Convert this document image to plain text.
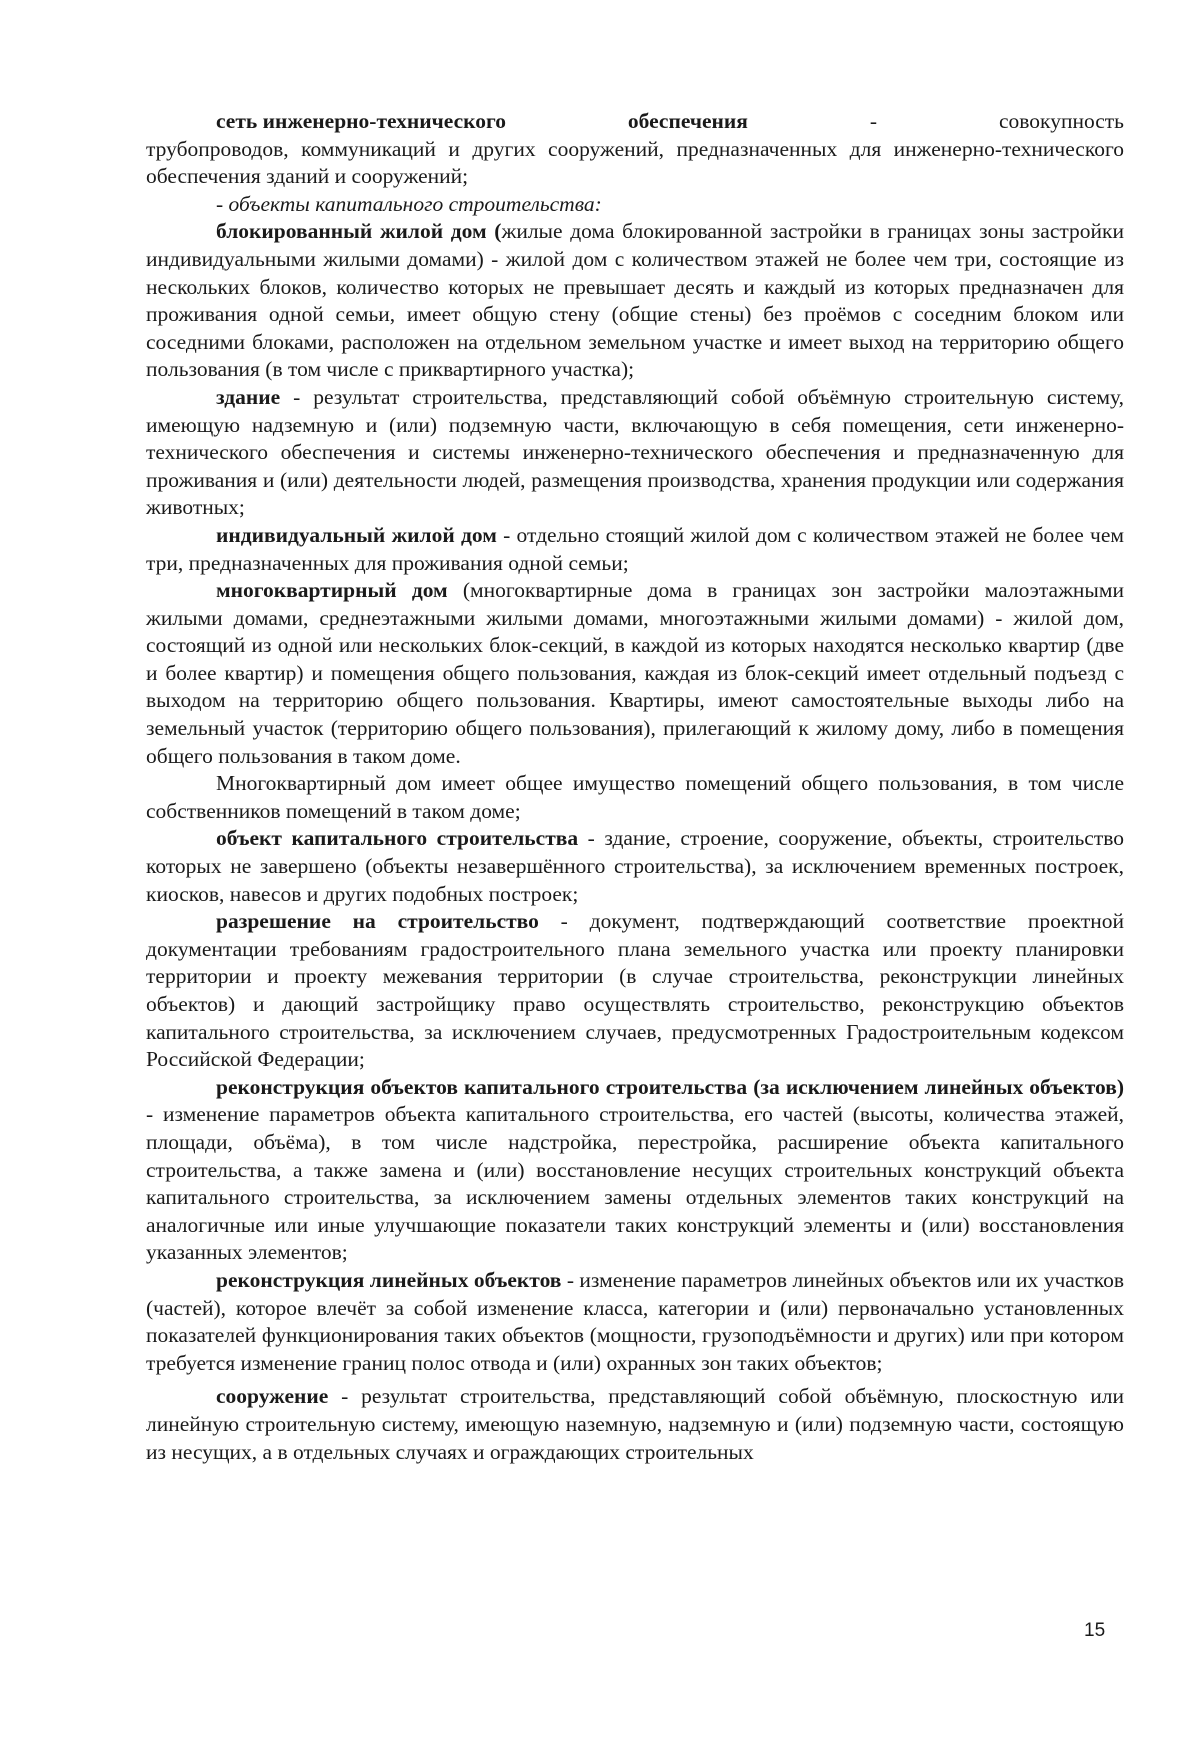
сеть инженерно-технического	обеспечения	-	совокупность

трубопроводов, коммуникаций и других сооружений, предназначенных для инженерно-технического обеспечения зданий и сооружений;

- объекты капитального строительства:

блокированный жилой дом (жилые дома блокированной застройки в границах зоны застройки индивидуальными жилыми домами) - жилой дом с количеством этажей не более чем три, состоящие из нескольких блоков, количество которых не превышает десять и каждый из которых предназначен для проживания одной семьи, имеет общую стену (общие стены) без проёмов с соседним блоком или соседними блоками, расположен на отдельном земельном участке и имеет выход на территорию общего пользования (в том числе с приквартирного участка);

здание - результат строительства, представляющий собой объёмную строительную систему, имеющую надземную и (или) подземную части, включающую в себя помещения, сети инженерно-технического обеспечения и системы инженерно-технического обеспечения и предназначенную для проживания и (или) деятельности людей, размещения производства, хранения продукции или содержания животных;

индивидуальный жилой дом - отдельно стоящий жилой дом с количеством этажей не более чем три, предназначенных для проживания одной семьи;

многоквартирный дом (многоквартирные дома в границах зон застройки малоэтажными жилыми домами, среднеэтажными жилыми домами, многоэтажными жилыми домами) - жилой дом, состоящий из одной или нескольких блок-секций, в каждой из которых находятся несколько квартир (две и более квартир) и помещения общего пользования, каждая из блок-секций имеет отдельный подъезд с выходом на территорию общего пользования. Квартиры, имеют самостоятельные выходы либо на земельный участок (территорию общего пользования), прилегающий к жилому дому, либо в помещения общего пользования в таком доме.

Многоквартирный дом имеет общее имущество помещений общего пользования, в том числе собственников помещений в таком доме;

объект капитального строительства - здание, строение, сооружение, объекты, строительство которых не завершено (объекты незавершённого строительства), за исключением временных построек, киосков, навесов и других подобных построек;

разрешение на строительство - документ, подтверждающий соответствие проектной документации требованиям градостроительного плана земельного участка или проекту планировки территории и проекту межевания территории (в случае строительства, реконструкции линейных объектов) и дающий застройщику право осуществлять строительство, реконструкцию объектов капитального строительства, за исключением случаев, предусмотренных Градостроительным кодексом Российской Федерации;

реконструкция объектов капитального строительства (за исключением линейных объектов) - изменение параметров объекта капитального строительства, его частей (высоты, количества этажей, площади, объёма), в том числе надстройка, перестройка, расширение объекта капитального строительства, а также замена и (или) восстановление несущих строительных конструкций объекта капитального строительства, за исключением замены отдельных элементов таких конструкций на аналогичные или иные улучшающие показатели таких конструкций элементы и (или) восстановления указанных элементов;

реконструкция линейных объектов - изменение параметров линейных объектов или их участков (частей), которое влечёт за собой изменение класса, категории и (или) первоначально установленных показателей функционирования таких объектов (мощности, грузоподъёмности и других) или при котором требуется изменение границ полос отвода и (или) охранных зон таких объектов;

сооружение - результат строительства, представляющий собой объёмную, плоскостную или линейную строительную систему, имеющую наземную, надземную и (или) подземную части, состоящую из несущих, а в отдельных случаях и ограждающих строительных

15
